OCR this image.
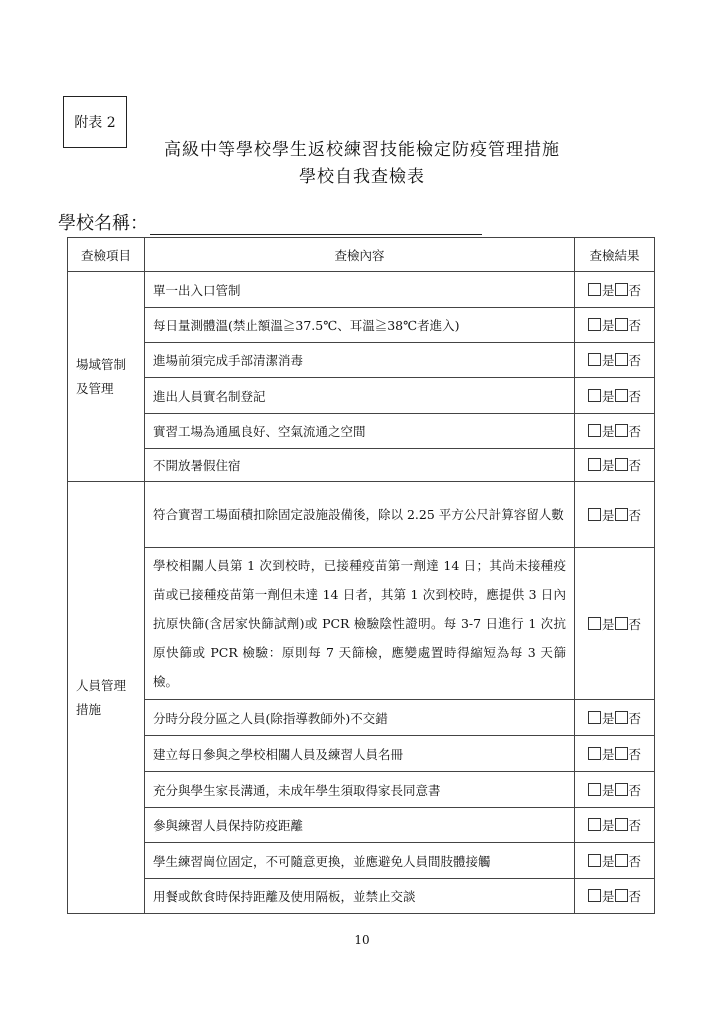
附表 2
高級中等學校學生返校練習技能檢定防疫管理措施
學校自我查檢表
學校名稱：
查檢項目	查檢內容	查檢結果

場域管制
及管理	單一出入口管制	是 否
	每日量測體溫(禁止額溫≧37.5℃、耳溫≧38℃者進入)	是 否
	進場前須完成手部清潔消毒	是 否
	進出人員實名制登記	是 否
	實習工場為通風良好、空氣流通之空間	是 否
	不開放暑假住宿	是 否

人員管理
措施	符合實習工場面積扣除固定設施設備後，除以 2.25 平方公尺計算容留人數	是 否
	學校相關人員第 1 次到校時，已接種疫苗第一劑達 14 日；其尚未接種疫苗或已接種疫苗第一劑但未達 14 日者，其第 1 次到校時，應提供 3 日內抗原快篩(含居家快篩試劑)或 PCR 檢驗陰性證明。每 3-7 日進行 1 次抗原快篩或 PCR 檢驗：原則每 7 天篩檢，應變處置時得縮短為每 3 天篩檢。	是 否
	分時分段分區之人員(除指導教師外)不交錯	是 否
	建立每日參與之學校相關人員及練習人員名冊	是 否
	充分與學生家長溝通，未成年學生須取得家長同意書	是 否
	參與練習人員保持防疫距離	是 否
	學生練習崗位固定，不可隨意更換，並應避免人員間肢體接觸	是 否
	用餐或飲食時保持距離及使用隔板，並禁止交談	是 否
10
